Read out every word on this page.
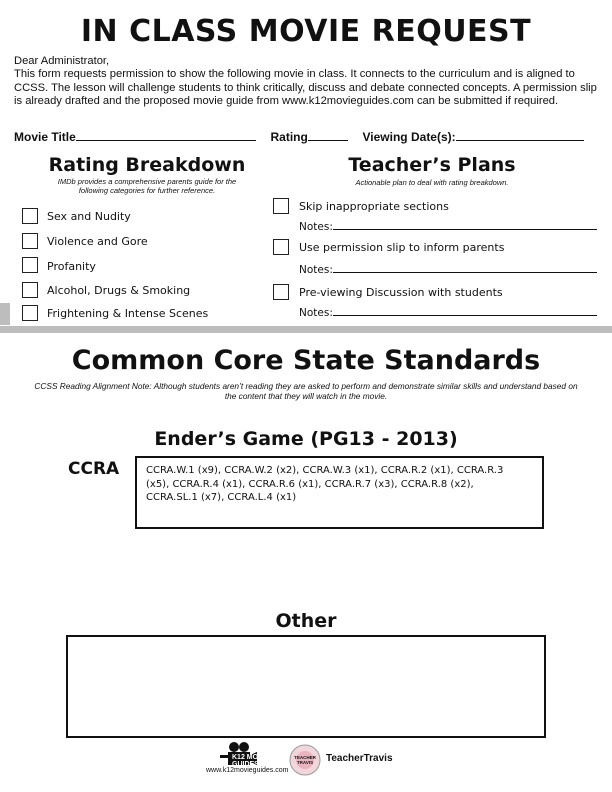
IN CLASS MOVIE REQUEST
Dear Administrator,
This form requests permission to show the following movie in class. It connects to the curriculum and is aligned to CCSS. The lesson will challenge students to think critically, discuss and debate connected concepts. A permission slip is already drafted and the proposed movie guide from www.k12movieguides.com can be submitted if required.
Movie Title	Rating	Viewing Date(s):
Rating Breakdown
IMDb provides a comprehensive parents guide for the following categories for further reference.
Sex and Nudity
Violence and Gore
Profanity
Alcohol, Drugs & Smoking
Frightening & Intense Scenes
Teacher’s Plans
Actionable plan to deal with rating breakdown.
Skip inappropriate sections
Notes:
Use permission slip to inform parents
Notes:
Pre-viewing Discussion with students
Notes:
Common Core State Standards
CCSS Reading Alignment Note: Although students aren’t reading they are asked to perform and demonstrate similar skills and understand based on the content that they will watch in the movie.
Ender’s Game (PG13 - 2013)
CCRA	CCRA.W.1 (x9), CCRA.W.2 (x2), CCRA.W.3 (x1), CCRA.R.2 (x1), CCRA.R.3 (x5), CCRA.R.4 (x1), CCRA.R.6 (x1), CCRA.R.7 (x3), CCRA.R.8 (x2), CCRA.SL.1 (x7), CCRA.L.4 (x1)
Other
K12 MOVIE GUIDES
www.k12movieguides.com
TEACHER TRAVIS	TeacherTravis
